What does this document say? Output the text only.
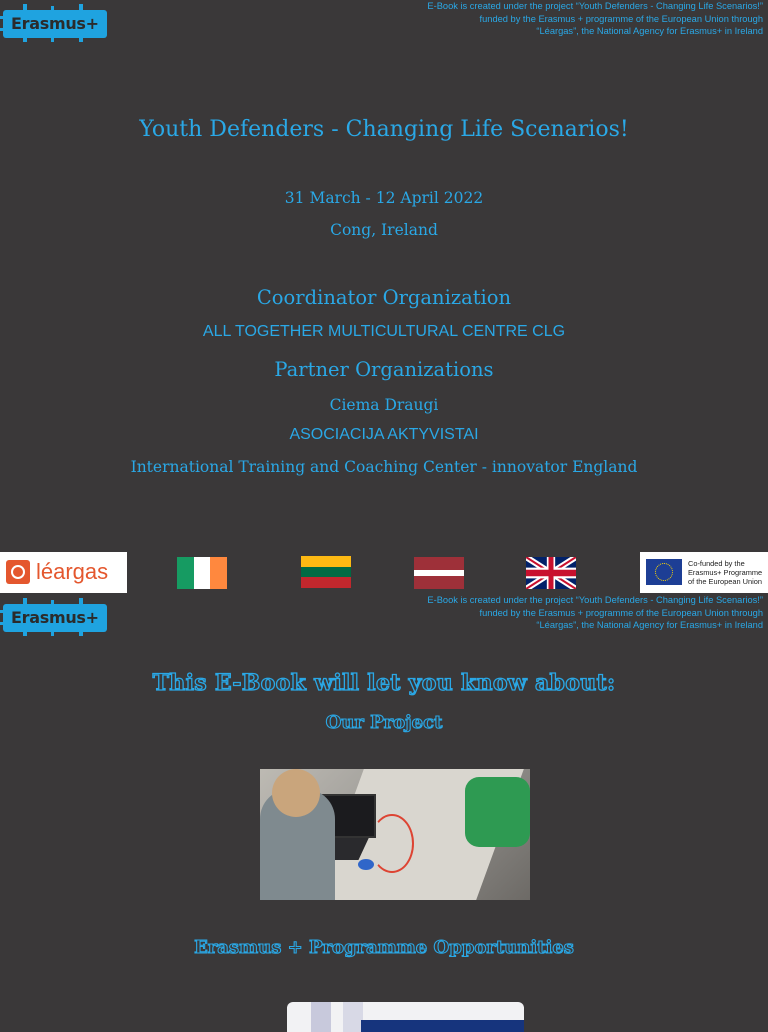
Erasmus+
E-Book is created under the project “Youth Defenders - Changing Life Scenarios!”
funded by the Erasmus + programme of the European Union through
“Léargas”, the National Agency for Erasmus+ in Ireland
Youth Defenders - Changing Life Scenarios!
31 March - 12 April 2022
Cong, Ireland
Coordinator Organization
ALL TOGETHER MULTICULTURAL CENTRE CLG
Partner Organizations
Ciema Draugi
ASOCIACIJA AKTYVISTAI
International Training and Coaching Center - innovator England
léargas	Co-funded by the
Erasmus+ Programme
of the European Union
Erasmus+
E-Book is created under the project “Youth Defenders - Changing Life Scenarios!”
funded by the Erasmus + programme of the European Union through
“Léargas”, the National Agency for Erasmus+ in Ireland
This E-Book will let you know about:
Our Project
Erasmus + Programme Opportunities
